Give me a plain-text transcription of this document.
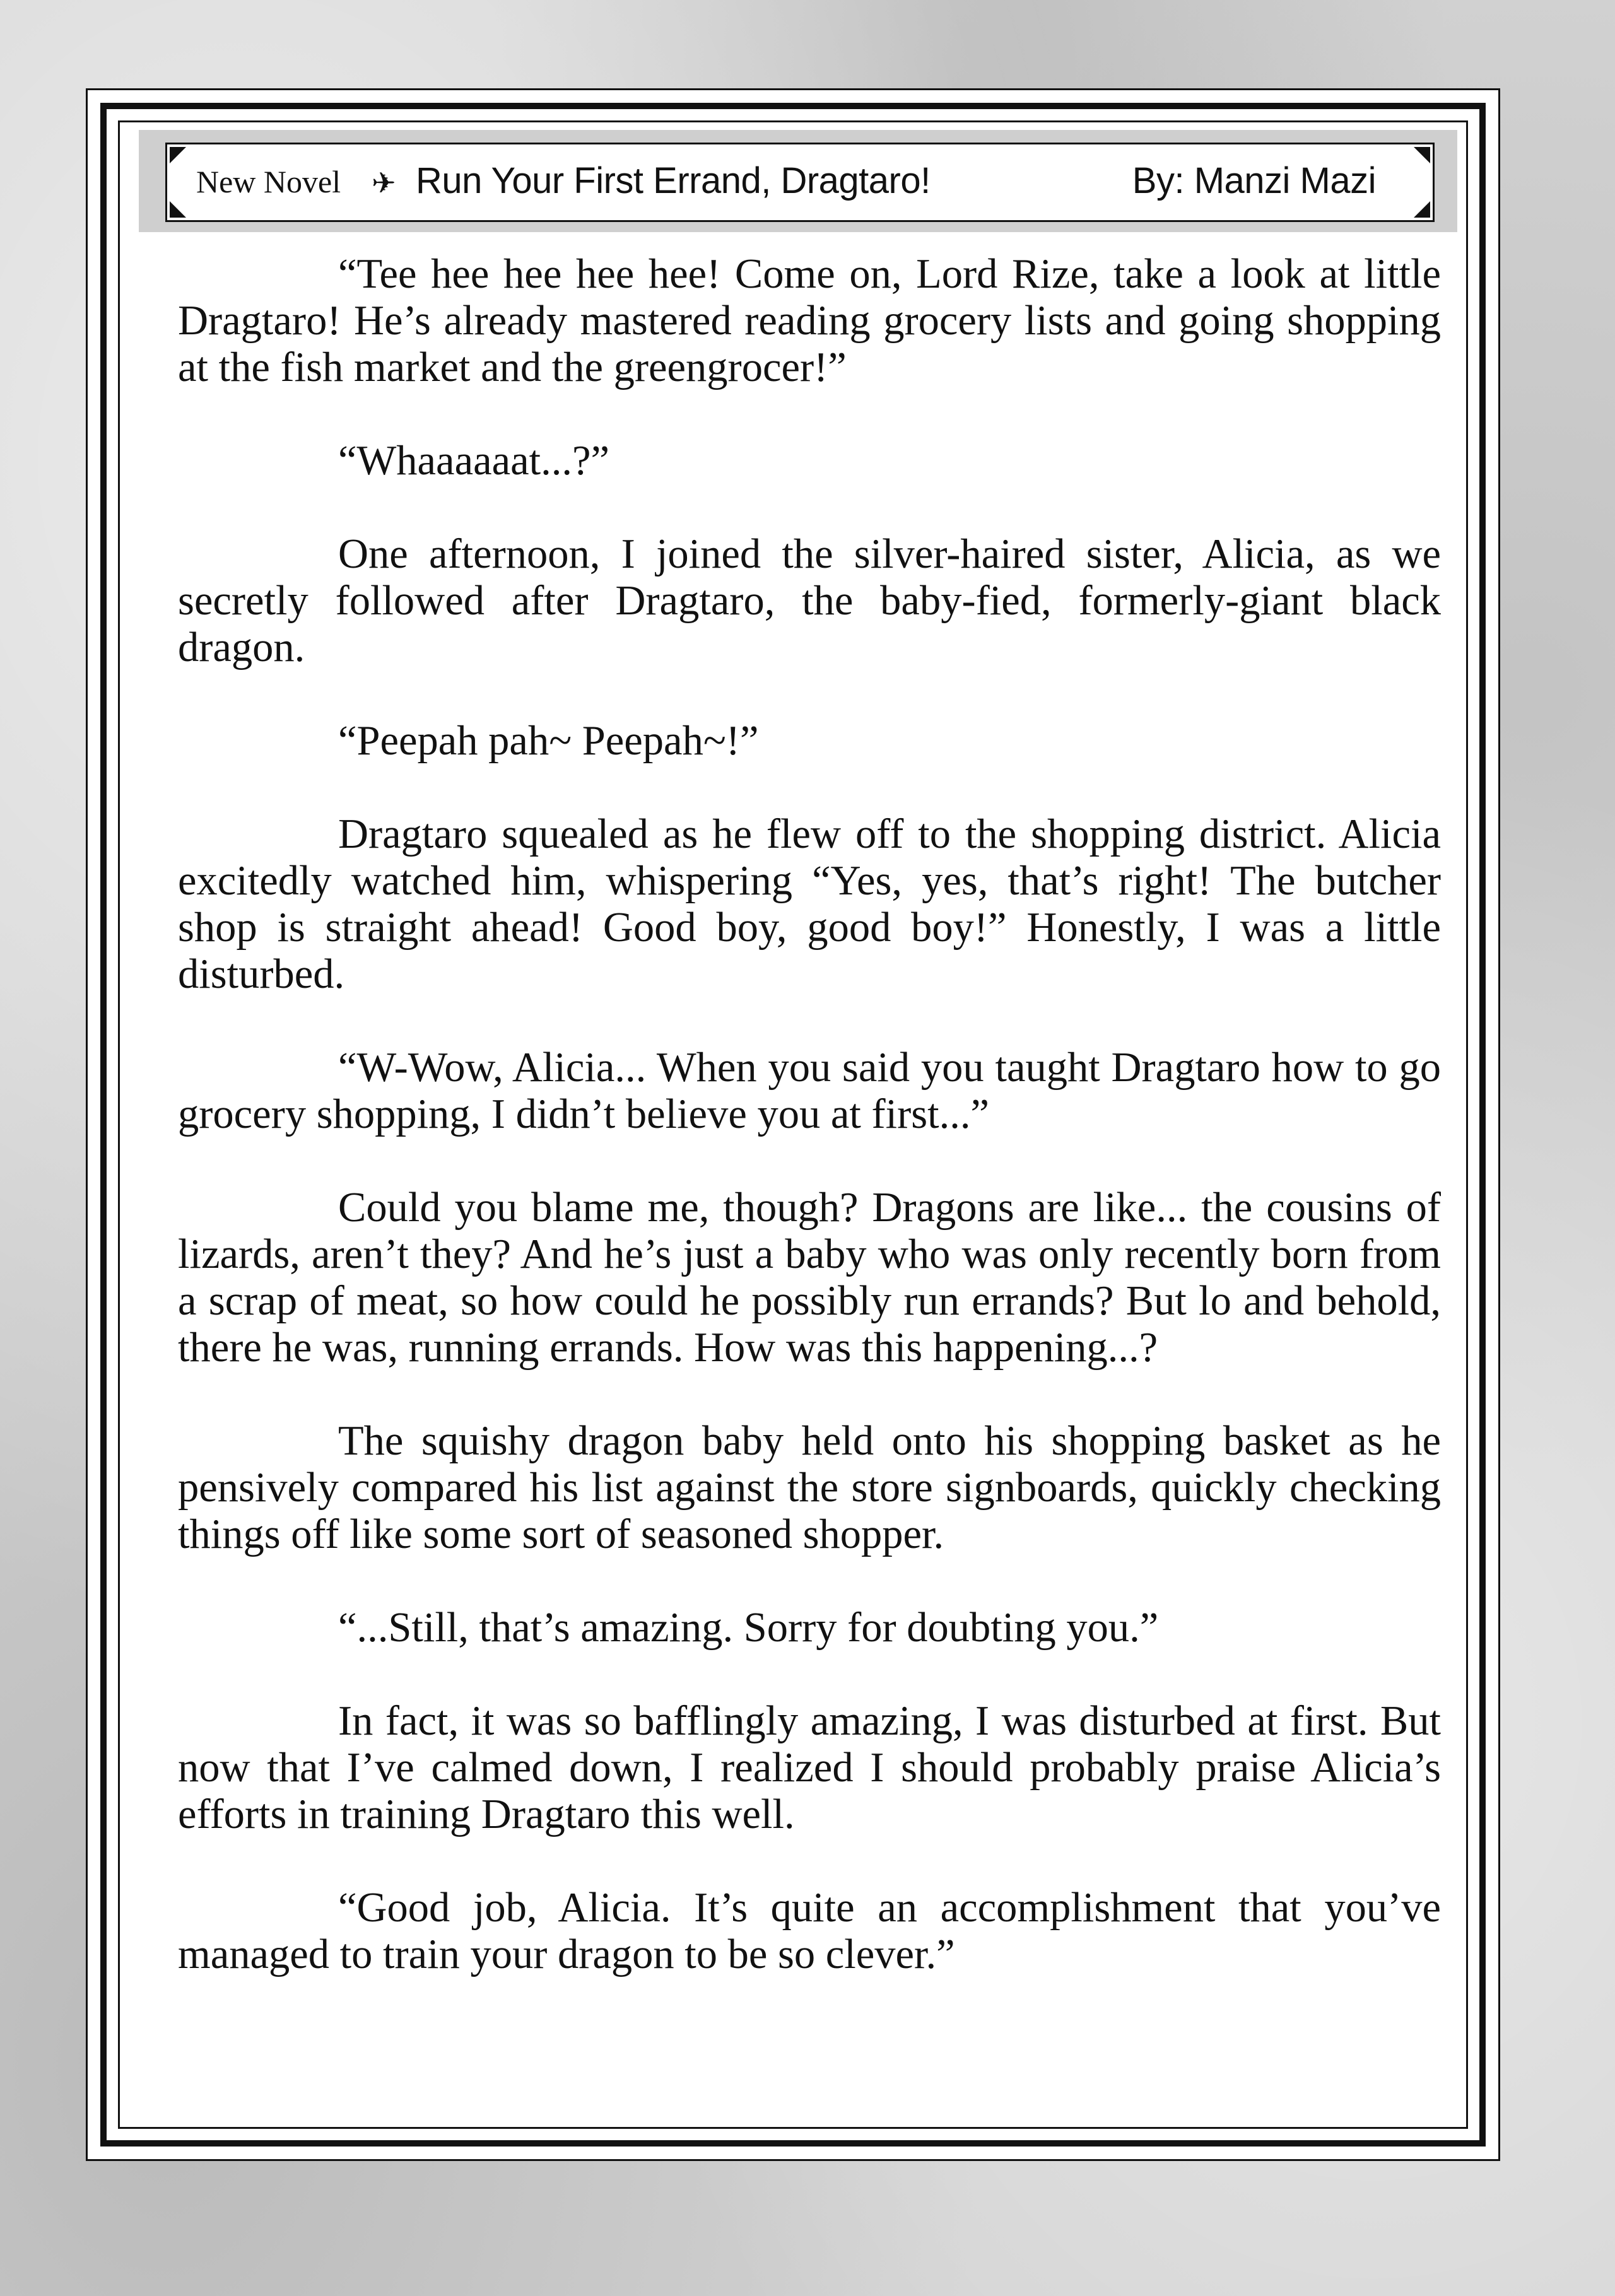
New Novel ✈ Run Your First Errand, Dragtaro!	By: Manzi Mazi

“Tee hee hee hee hee! Come on, Lord Rize, take a look at little Dragtaro! He’s already mastered reading grocery lists and going shopping at the fish market and the greengrocer!”

“Whaaaaaat...?”

One afternoon, I joined the silver-haired sister, Alicia, as we secretly followed after Dragtaro, the baby-fied, formerly-giant black dragon.

“Peepah pah~ Peepah~!”

Dragtaro squealed as he flew off to the shopping district. Alicia excitedly watched him, whispering “Yes, yes, that’s right! The butcher shop is straight ahead! Good boy, good boy!” Honestly, I was a little disturbed.

“W-Wow, Alicia... When you said you taught Dragtaro how to go grocery shopping, I didn’t believe you at first...”

Could you blame me, though? Dragons are like... the cousins of lizards, aren’t they? And he’s just a baby who was only recently born from a scrap of meat, so how could he possibly run errands? But lo and behold, there he was, running errands. How was this happening...?

The squishy dragon baby held onto his shopping basket as he pensively compared his list against the store signboards, quickly checking things off like some sort of seasoned shopper.

“...Still, that’s amazing. Sorry for doubting you.”

In fact, it was so bafflingly amazing, I was disturbed at first. But now that I’ve calmed down, I realized I should probably praise Alicia’s efforts in training Dragtaro this well.

“Good job, Alicia. It’s quite an accomplishment that you’ve managed to train your dragon to be so clever.”
